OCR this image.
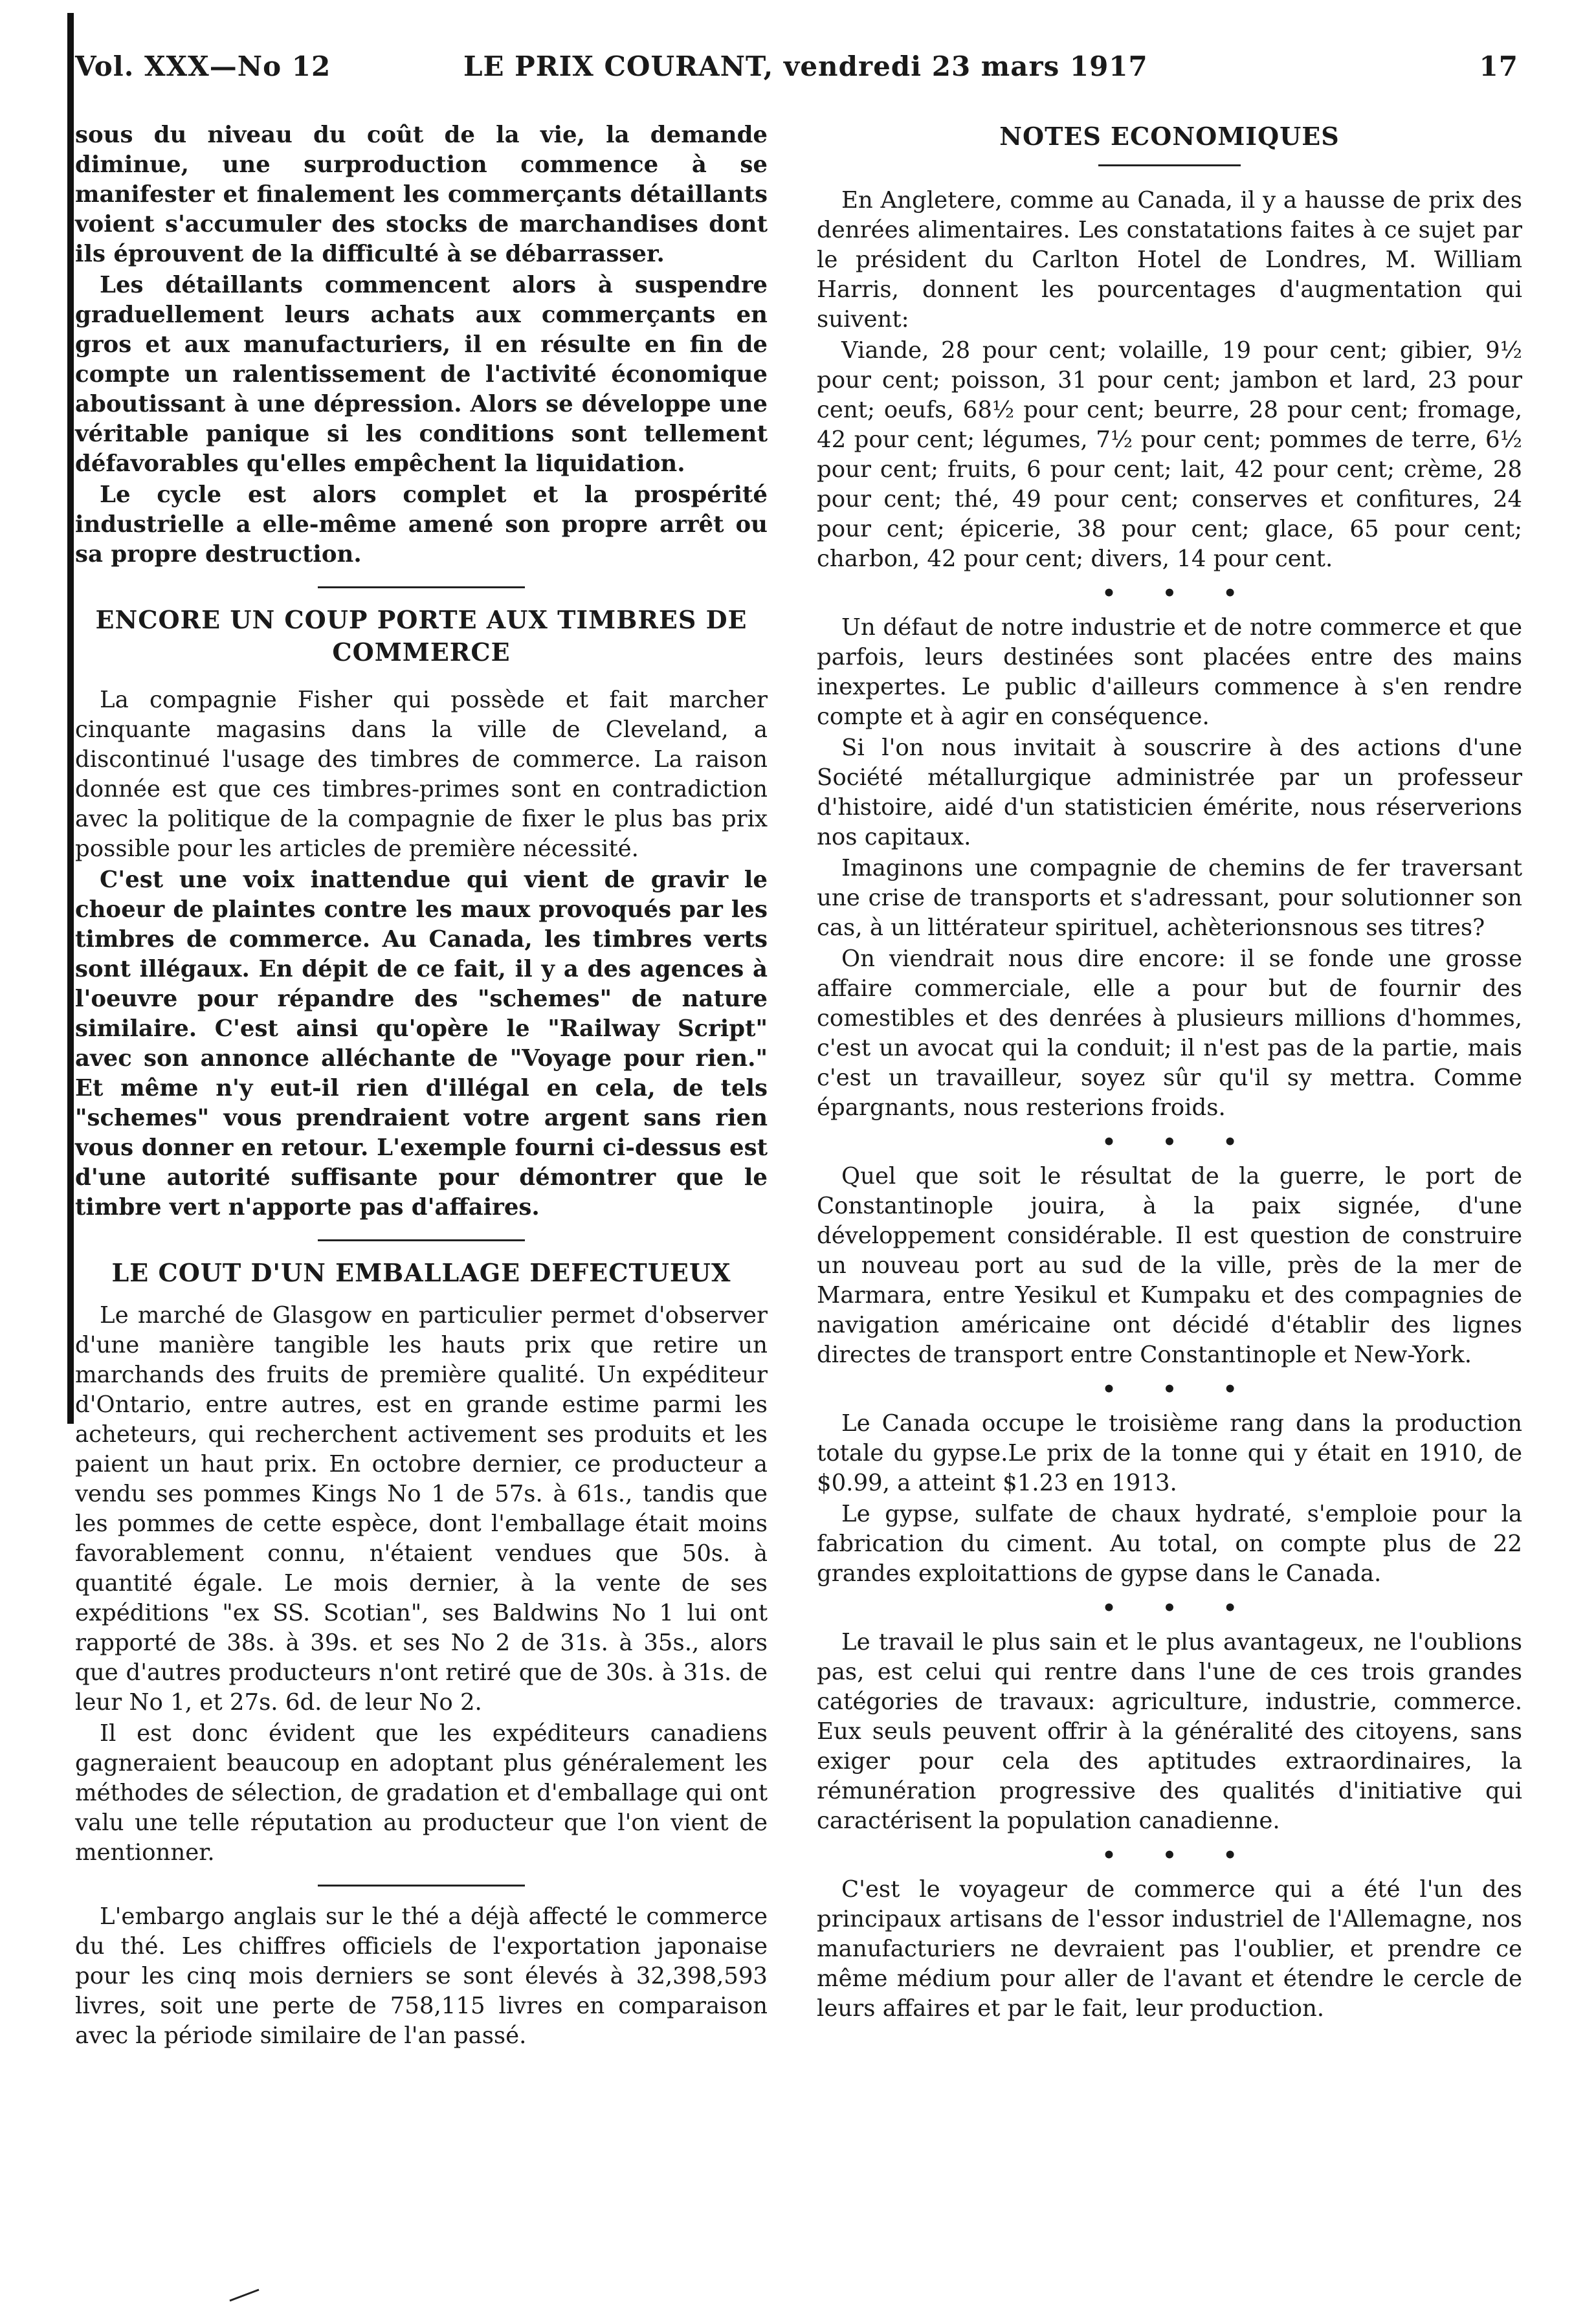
Vol. XXX—No 12	LE PRIX COURANT, vendredi 23 mars 1917	17

sous du niveau du coût de la vie, la demande diminue, une surproduction commence à se manifester et finalement les commerçants détaillants voient s'accumuler des stocks de marchandises dont ils éprouvent de la difficulté à se débarrasser.

Les détaillants commencent alors à suspendre graduellement leurs achats aux commerçants en gros et aux manufacturiers, il en résulte en fin de compte un ralentissement de l'activité économique aboutissant à une dépression. Alors se développe une véritable panique si les conditions sont tellement défavorables qu'elles empêchent la liquidation.

Le cycle est alors complet et la prospérité industrielle a elle-même amené son propre arrêt ou sa propre destruction.

ENCORE UN COUP PORTE AUX TIMBRES DE
COMMERCE

La compagnie Fisher qui possède et fait marcher cinquante magasins dans la ville de Cleveland, a discontinué l'usage des timbres de commerce. La raison donnée est que ces timbres-primes sont en contradiction avec la politique de la compagnie de fixer le plus bas prix possible pour les articles de première nécessité.

C'est une voix inattendue qui vient de gravir le choeur de plaintes contre les maux provoqués par les timbres de commerce. Au Canada, les timbres verts sont illégaux. En dépit de ce fait, il y a des agences à l'oeuvre pour répandre des "schemes" de nature similaire. C'est ainsi qu'opère le "Railway Script" avec son annonce alléchante de "Voyage pour rien." Et même n'y eut-il rien d'illégal en cela, de tels "schemes" vous prendraient votre argent sans rien vous donner en retour. L'exemple fourni ci-dessus est d'une autorité suffisante pour démontrer que le timbre vert n'apporte pas d'affaires.

LE COUT D'UN EMBALLAGE DEFECTUEUX

Le marché de Glasgow en particulier permet d'observer d'une manière tangible les hauts prix que retire un marchands des fruits de première qualité. Un expéditeur d'Ontario, entre autres, est en grande estime parmi les acheteurs, qui recherchent activement ses produits et les paient un haut prix. En octobre dernier, ce producteur a vendu ses pommes Kings No 1 de 57s. à 61s., tandis que les pommes de cette espèce, dont l'emballage était moins favorablement connu, n'étaient vendues que 50s. à quantité égale. Le mois dernier, à la vente de ses expéditions "ex SS. Scotian", ses Baldwins No 1 lui ont rapporté de 38s. à 39s. et ses No 2 de 31s. à 35s., alors que d'autres producteurs n'ont retiré que de 30s. à 31s. de leur No 1, et 27s. 6d. de leur No 2.

Il est donc évident que les expéditeurs canadiens gagneraient beaucoup en adoptant plus généralement les méthodes de sélection, de gradation et d'emballage qui ont valu une telle réputation au producteur que l'on vient de mentionner.

L'embargo anglais sur le thé a déjà affecté le commerce du thé. Les chiffres officiels de l'exportation japonaise pour les cinq mois derniers se sont élevés à 32,398,593 livres, soit une perte de 758,115 livres en comparaison avec la période similaire de l'an passé.

NOTES ECONOMIQUES

En Angletere, comme au Canada, il y a hausse de prix des denrées alimentaires. Les constatations faites à ce sujet par le président du Carlton Hotel de Londres, M. William Harris, donnent les pourcentages d'augmentation qui suivent:

Viande, 28 pour cent; volaille, 19 pour cent; gibier, 9½ pour cent; poisson, 31 pour cent; jambon et lard, 23 pour cent; oeufs, 68½ pour cent; beurre, 28 pour cent; fromage, 42 pour cent; légumes, 7½ pour cent; pommes de terre, 6½ pour cent; fruits, 6 pour cent; lait, 42 pour cent; crème, 28 pour cent; thé, 49 pour cent; conserves et confitures, 24 pour cent; épicerie, 38 pour cent; glace, 65 pour cent; charbon, 42 pour cent; divers, 14 pour cent.

• • •

Un défaut de notre industrie et de notre commerce et que parfois, leurs destinées sont placées entre des mains inexpertes. Le public d'ailleurs commence à s'en rendre compte et à agir en conséquence.

Si l'on nous invitait à souscrire à des actions d'une Société métallurgique administrée par un professeur d'histoire, aidé d'un statisticien émérite, nous réserverions nos capitaux.

Imaginons une compagnie de chemins de fer traversant une crise de transports et s'adressant, pour solutionner son cas, à un littérateur spirituel, achèterionsnous ses titres?

On viendrait nous dire encore: il se fonde une grosse affaire commerciale, elle a pour but de fournir des comestibles et des denrées à plusieurs millions d'hommes, c'est un avocat qui la conduit; il n'est pas de la partie, mais c'est un travailleur, soyez sûr qu'il sy mettra. Comme épargnants, nous resterions froids.

• • •

Quel que soit le résultat de la guerre, le port de Constantinople jouira, à la paix signée, d'une développement considérable. Il est question de construire un nouveau port au sud de la ville, près de la mer de Marmara, entre Yesikul et Kumpaku et des compagnies de navigation américaine ont décidé d'établir des lignes directes de transport entre Constantinople et New-York.

• • •

Le Canada occupe le troisième rang dans la production totale du gypse.Le prix de la tonne qui y était en 1910, de $0.99, a atteint $1.23 en 1913.

Le gypse, sulfate de chaux hydraté, s'emploie pour la fabrication du ciment. Au total, on compte plus de 22 grandes exploitattions de gypse dans le Canada.

• • •

Le travail le plus sain et le plus avantageux, ne l'oublions pas, est celui qui rentre dans l'une de ces trois grandes catégories de travaux: agriculture, industrie, commerce. Eux seuls peuvent offrir à la généralité des citoyens, sans exiger pour cela des aptitudes extraordinaires, la rémunération progressive des qualités d'initiative qui caractérisent la population canadienne.

• • •

C'est le voyageur de commerce qui a été l'un des principaux artisans de l'essor industriel de l'Allemagne, nos manufacturiers ne devraient pas l'oublier, et prendre ce même médium pour aller de l'avant et étendre le cercle de leurs affaires et par le fait, leur production.
